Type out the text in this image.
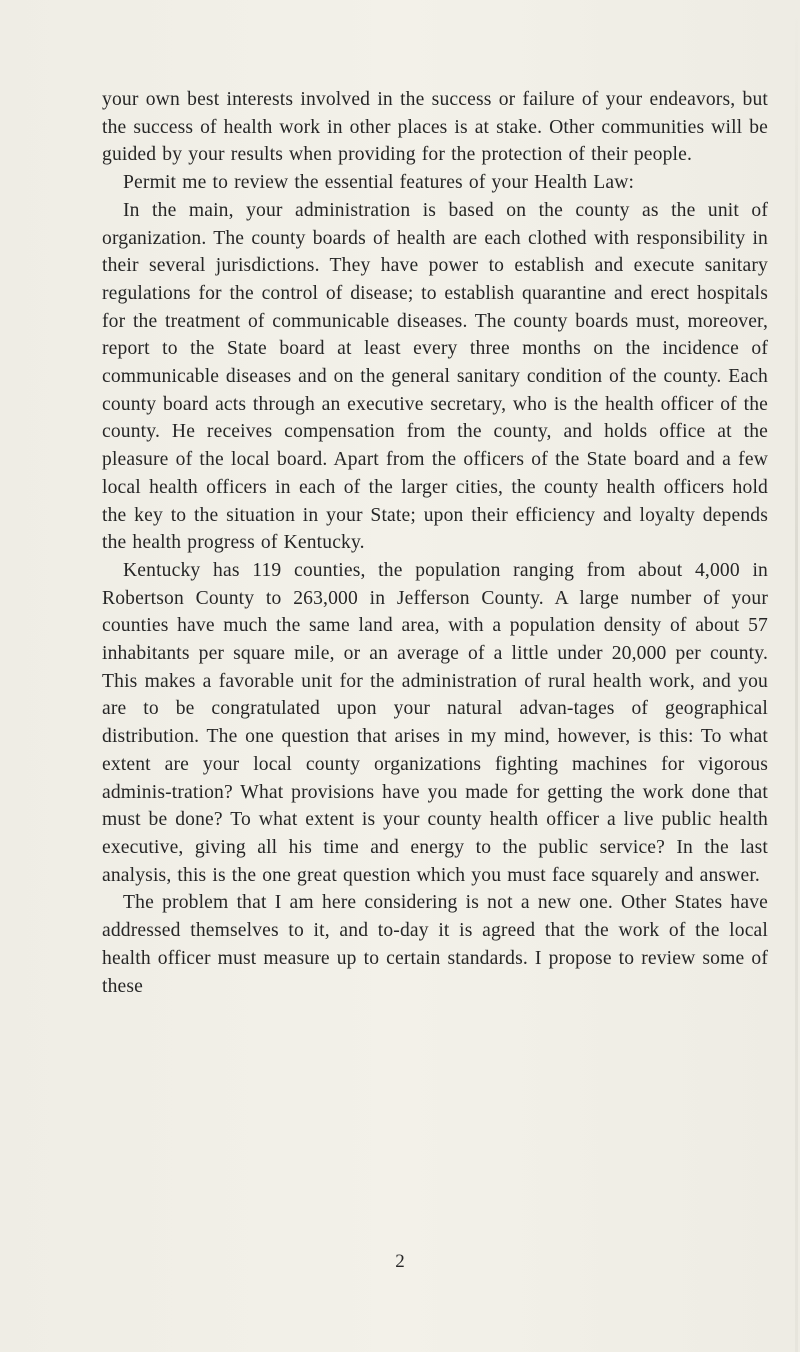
your own best interests involved in the success or failure of your endeavors, but the success of health work in other places is at stake. Other communities will be guided by your results when providing for the protection of their people.

Permit me to review the essential features of your Health Law:

In the main, your administration is based on the county as the unit of organization. The county boards of health are each clothed with responsibility in their several jurisdictions. They have power to establish and execute sanitary regulations for the control of disease; to establish quarantine and erect hospitals for the treatment of communicable diseases. The county boards must, moreover, report to the State board at least every three months on the incidence of communicable diseases and on the general sanitary condition of the county. Each county board acts through an executive secretary, who is the health officer of the county. He receives compensation from the county, and holds office at the pleasure of the local board. Apart from the officers of the State board and a few local health officers in each of the larger cities, the county health officers hold the key to the situation in your State; upon their efficiency and loyalty depends the health progress of Kentucky.

Kentucky has 119 counties, the population ranging from about 4,000 in Robertson County to 263,000 in Jefferson County. A large number of your counties have much the same land area, with a population density of about 57 inhabitants per square mile, or an average of a little under 20,000 per county. This makes a favorable unit for the administration of rural health work, and you are to be congratulated upon your natural advan-tages of geographical distribution. The one question that arises in my mind, however, is this: To what extent are your local county organizations fighting machines for vigorous adminis-tration? What provisions have you made for getting the work done that must be done? To what extent is your county health officer a live public health executive, giving all his time and energy to the public service? In the last analysis, this is the one great question which you must face squarely and answer.

The problem that I am here considering is not a new one. Other States have addressed themselves to it, and to-day it is agreed that the work of the local health officer must measure up to certain standards. I propose to review some of these

2
